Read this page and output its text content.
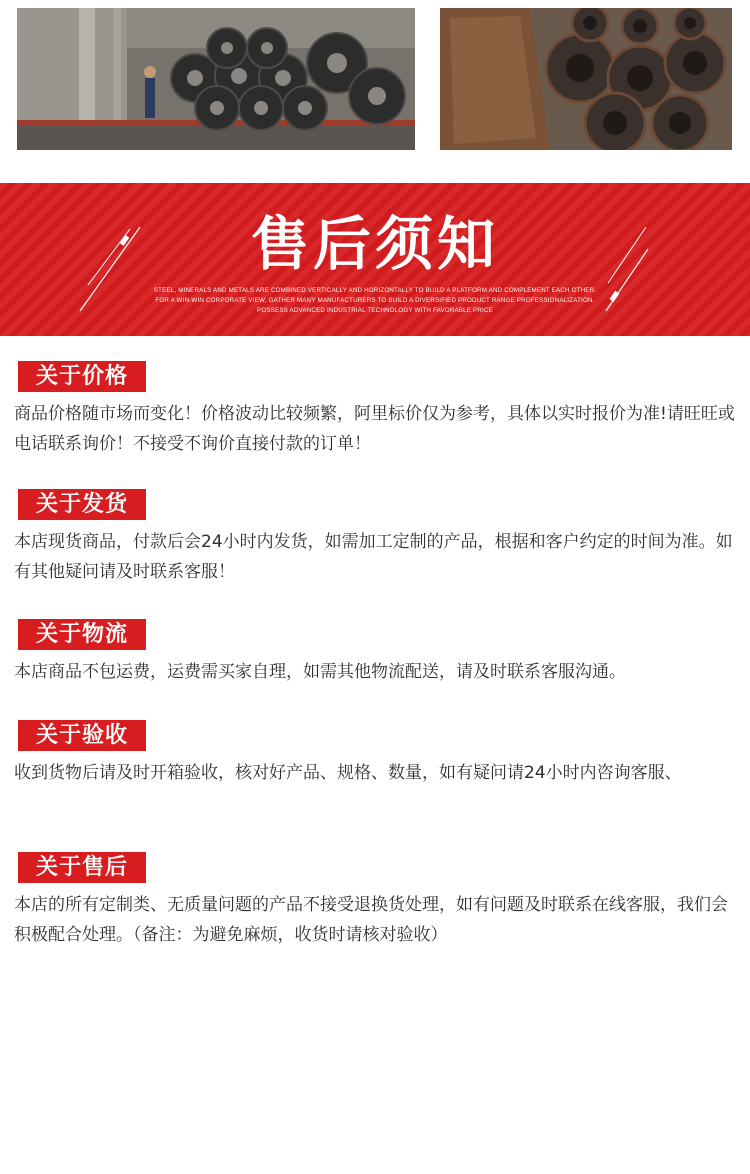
售后须知
STEEL, MINERALS AND METALS ARE COMBINED VERTICALLY AND HORIZONTALLY TO BUILD A PLATFORM AND COMPLEMENT EACH OTHER. FOR A WIN-WIN CORPORATE VIEW, GATHER MANY MANUFACTURERS TO BUILD A DIVERSIFIED PRODUCT RANGE PROFESSIONALIZATION. POSSESS ADVANCED INDUSTRIAL TECHNOLOGY WITH FAVORABLE PRICE
关于价格

商品价格随市场而变化！价格波动比较频繁，阿里标价仅为参考，具体以实时报价为准!请旺旺或电话联系询价！不接受不询价直接付款的订单！

关于发货

本店现货商品，付款后会24小时内发货，如需加工定制的产品，根据和客户约定的时间为准。如有其他疑问请及时联系客服！

关于物流

本店商品不包运费，运费需买家自理，如需其他物流配送，请及时联系客服沟通。

关于验收

收到货物后请及时开箱验收，核对好产品、规格、数量，如有疑问请24小时内咨询客服、

关于售后

本店的所有定制类、无质量问题的产品不接受退换货处理，如有问题及时联系在线客服，我们会积极配合处理。（备注：为避免麻烦，收货时请核对验收）
